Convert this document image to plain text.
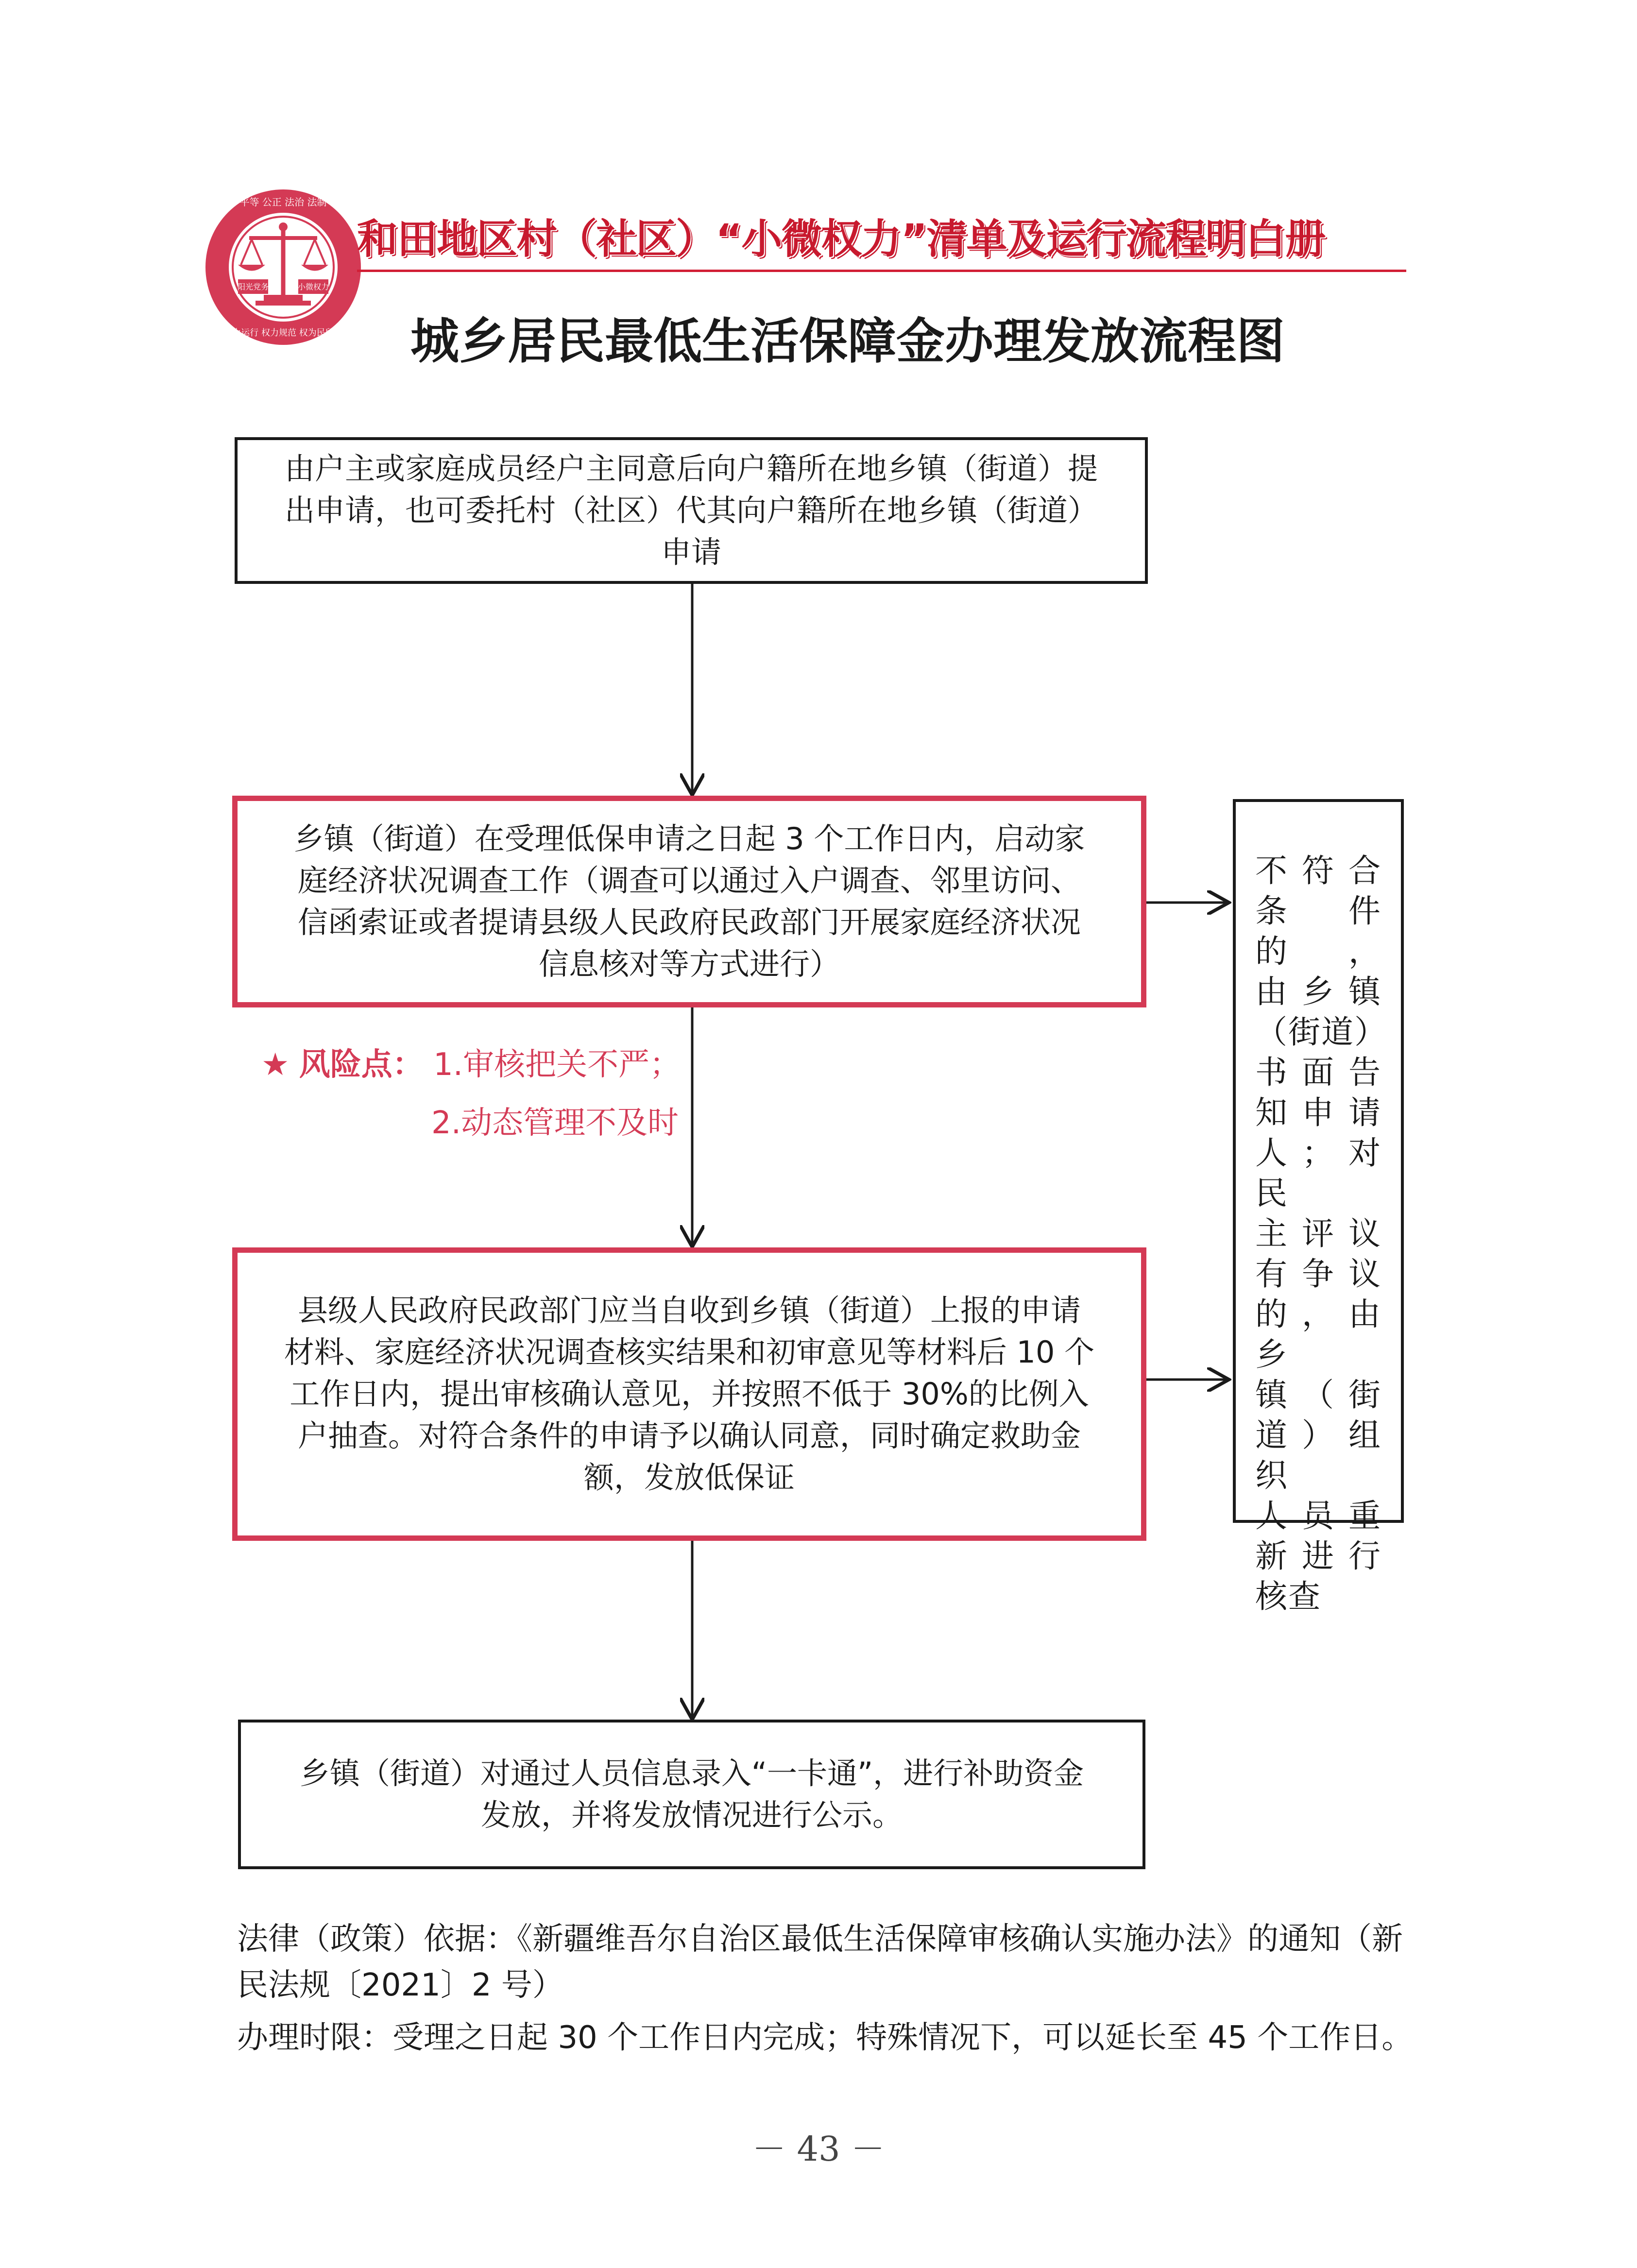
阳光党务	小微权力
平等 公正 法治 法制
权力运行 权力规范 权为民所用
和田地区村（社区）“小微权力”清单及运行流程明白册
城乡居民最低生活保障金办理发放流程图
由户主或家庭成员经户主同意后向户籍所在地乡镇（街道）提
出申请，也可委托村（社区）代其向户籍所在地乡镇（街道）
申请
乡镇（街道）在受理低保申请之日起 3 个工作日内，启动家
庭经济状况调查工作（调查可以通过入户调查、邻里访问、
信函索证或者提请县级人民政府民政部门开展家庭经济状况
信息核对等方式进行）
★ 风险点： 1.审核把关不严；
2.动态管理不及时
县级人民政府民政部门应当自收到乡镇（街道）上报的申请
材料、家庭经济状况调查核实结果和初审意见等材料后 10 个
工作日内，提出审核确认意见，并按照不低于 30%的比例入
户抽查。对符合条件的申请予以确认同意，同时确定救助金
额，发放低保证
乡镇（街道）对通过人员信息录入“一卡通”，进行补助资金
发放，并将发放情况进行公示。
不符合
条件的，
由乡镇
（街道）
书面告
知申请
人；对民
主评议
有争议
的，由乡
镇（街
道）组织
人员重
新进行
核查
法律（政策）依据：《新疆维吾尔自治区最低生活保障审核确认实施办法》的通知（新
民法规〔2021〕2 号）
办理时限：受理之日起 30 个工作日内完成；特殊情况下，可以延长至 45 个工作日。
－ 43 －
